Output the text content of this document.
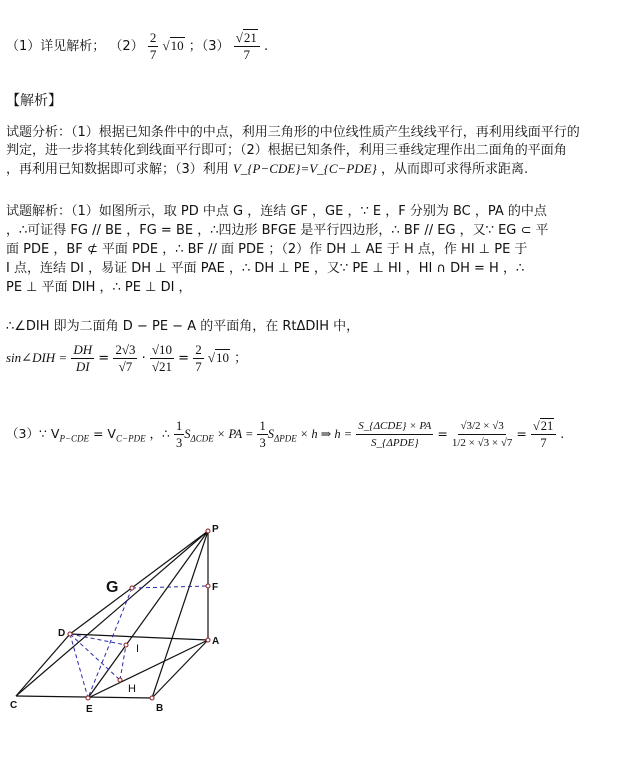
（1）详见解析； $(2) \frac{2}{7} √10$ ；$(3) \frac{√21}{7}$ .
【解析】
试题分析：（1）根据已知条件中的中点，利用三角形的中位线性质产生线线平行，再利用线面平行的
判定，进一步将其转化到线面平行即可；（2）根据已知条件，利用三垂线定理作出二面角的平面角
，再利用已知数据即可求解；（3）利用 V_{P−CDE}=V_{C−PDE} ，从而即可求得所求距离.
试题解析：（1）如图所示，取 PD 中点 G ，连结 GF ，GE ，∵ E ，F 分别为 BC ，PA 的中点
，∴可证得 FG // BE ，FG = BE ，∴四边形 BFGE 是平行四边形，∴ BF // EG ，又∵ EG ⊂ 平
面 PDE ，BF ⊄ 平面 PDE ，∴ BF // 面 PDE ；（2）作 DH ⊥ AE 于 H 点，作 HI ⊥ PE 于
I 点，连结 DI ，易证 DH ⊥ 平面 PAE ，∴ DH ⊥ PE ，又∵ PE ⊥ HI ，HI ∩ DH = H ，∴
PE ⊥ 平面 DIH ，∴ PE ⊥ DI ，
∴∠DIH 即为二面角 D − PE − A 的平面角，在 RtΔDIH 中，
sin∠DIH = $\frac{DH}{DI} = \frac{2√3}{√7} \cdot \frac{√10}{√21} = \frac{2}{7} √10$ ；
（3）∵ $V_{P-CDE} = V_{C-PDE}$ ，∴ $\frac{1}{3} S_{\Delta CDE}$ × PA = $\frac{1}{3} S_{\Delta PDE} \times h$ ⇒ $h = \frac{\text{S\_\{ΔCDE\} × PA}}{\text{S\_\{ΔPDE\}}} = \frac{√3/2 \times √3}{1/2 \times √3 \times √7} = \frac{√21}{7}$ .
P
F
G
D
A
I
H
C	E	B
